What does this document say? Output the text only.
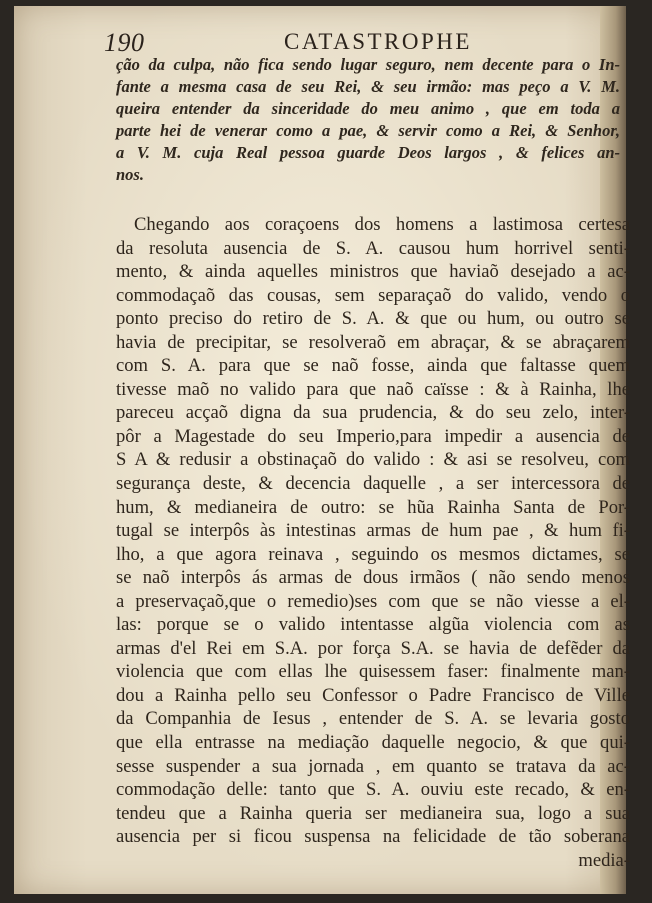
190	CATASTROPHE
ção da culpa, não fica sendo lugar seguro, nem decente para o In-
fante a mesma casa de seu Rei, & seu irmão: mas peço a V. M.
queira entender da sinceridade do meu animo , que em toda a
parte hei de venerar como a pae, & servir como a Rei, & Senhor,
a V. M. cuja Real pessoa guarde Deos largos , & felices an-
nos.
Chegando aos coraçoens dos homens a lastimosa certesa
da resoluta ausencia de S. A. causou hum horrivel senti-
mento, & ainda aquelles ministros que haviaõ desejado a ac-
commodaçaõ das cousas, sem separaçaõ do valido, vendo o
ponto preciso do retiro de S. A. & que ou hum, ou outro se
havia de precipitar, se resolveraõ em abraçar, & se abraçarem
com S. A. para que se naõ fosse, ainda que faltasse quem
tivesse maõ no valido para que naõ caïsse : & à Rainha, lhe
pareceu acçaõ digna da sua prudencia, & do seu zelo, inter-
pôr a Magestade do seu Imperio,para impedir a ausencia de
S A & redusir a obstinaçaõ do valido : & asi se resolveu, com
segurança deste, & decencia daquelle , a ser intercessora de
hum, & medianeira de outro: se hũa Rainha Santa de Por-
tugal se interpôs às intestinas armas de hum pae , & hum fi-
lho, a que agora reinava , seguindo os mesmos dictames, se
se naõ interpôs ás armas de dous irmãos ( não sendo menos
a preservaçaõ,que o remedio)ses com que se não viesse a el-
las: porque se o valido intentasse algũa violencia com as
armas d'el Rei em S.A. por força S.A. se havia de defẽder da
violencia que com ellas lhe quisessem faser: finalmente man-
dou a Rainha pello seu Confessor o Padre Francisco de Ville
da Companhia de Iesus , entender de S. A. se levaria gosto
que ella entrasse na mediação daquelle negocio, & que qui-
sesse suspender a sua jornada , em quanto se tratava da ac-
commodação delle: tanto que S. A. ouviu este recado, & en-
tendeu que a Rainha queria ser medianeira sua, logo a sua
ausencia per si ficou suspensa na felicidade de tão soberana
media-
